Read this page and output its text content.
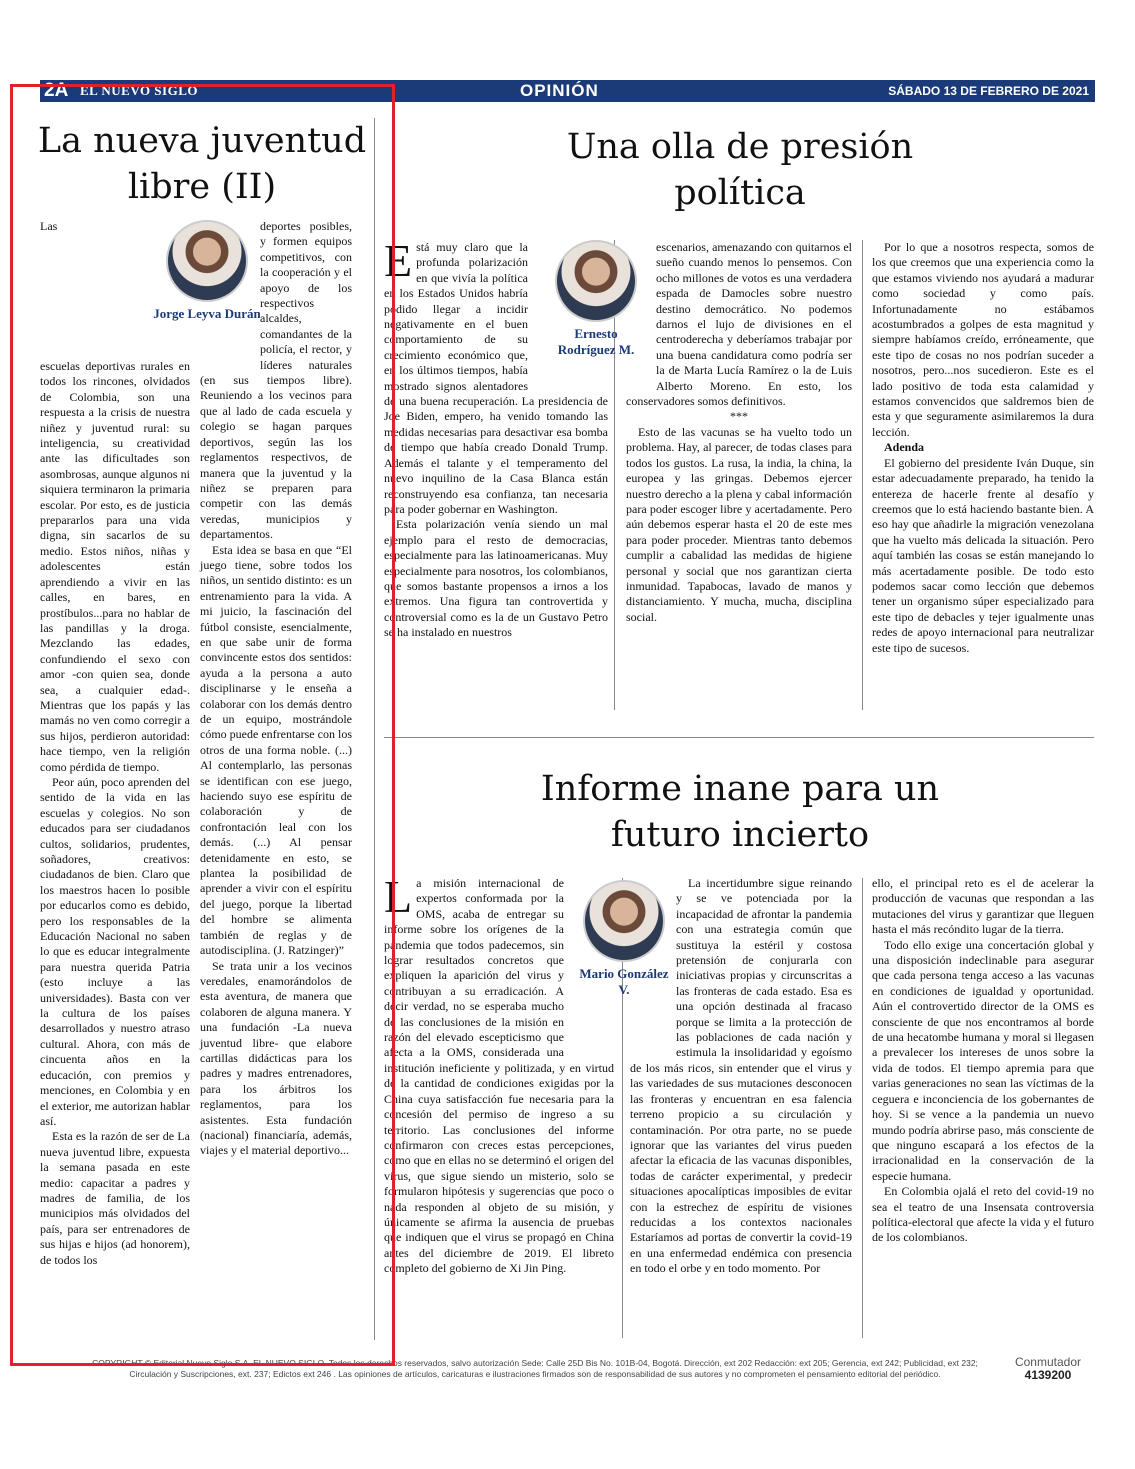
2A EL NUEVO SIGLO	OPINIÓN	SÁBADO 13 DE FEBRERO DE 2021
La nueva juventud libre (II)
Jorge Leyva Durán

Las escuelas deportivas rurales en todos los rincones, olvidados de Colombia, son una respuesta a la crisis de nuestra niñez y juventud rural: su inteligencia, su creatividad ante las dificultades son asombrosas, aunque algunos ni siquiera terminaron la primaria escolar. Por esto, es de justicia prepararlos para una vida digna, sin sacarlos de su medio. Estos niños, niñas y adolescentes están aprendiendo a vivir en las calles, en bares, en prostíbulos...para no hablar de las pandillas y la droga. Mezclando las edades, confundiendo el sexo con amor -con quien sea, donde sea, a cualquier edad-. Mientras que los papás y las mamás no ven como corregir a sus hijos, perdieron autoridad: hace tiempo, ven la religión como pérdida de tiempo.

Peor aún, poco aprenden del sentido de la vida en las escuelas y colegios. No son educados para ser ciudadanos cultos, solidarios, prudentes, soñadores, creativos: ciudadanos de bien. Claro que los maestros hacen lo posible por educarlos como es debido, pero los responsables de la Educación Nacional no saben lo que es educar integralmente para nuestra querida Patria (esto incluye a las universidades). Basta con ver la cultura de los países desarrollados y nuestro atraso cultural. Ahora, con más de cincuenta años en la educación, con premios y menciones, en Colombia y en el exterior, me autorizan hablar así.

Esta es la razón de ser de La nueva juventud libre, expuesta la semana pasada en este medio: capacitar a padres y madres de familia, de los municipios más olvidados del país, para ser entrenadores de sus hijas e hijos (ad honorem), de todos los

deportes posibles, y formen equipos competitivos, con la cooperación y el apoyo de los respectivos alcaldes, comandantes de la policía, el rector, y líderes naturales (en sus tiempos libre). Reuniendo a los vecinos para que al lado de cada escuela y colegio se hagan parques deportivos, según las los reglamentos respectivos, de manera que la juventud y la niñez se preparen para competir con las demás veredas, municipios y departamentos.

Esta idea se basa en que “El juego tiene, sobre todos los niños, un sentido distinto: es un entrenamiento para la vida. A mi juicio, la fascinación del fútbol consiste, esencialmente, en que sabe unir de forma convincente estos dos sentidos: ayuda a la persona a auto disciplinarse y le enseña a colaborar con los demás dentro de un equipo, mostrándole cómo puede enfrentarse con los otros de una forma noble. (...) Al contemplarlo, las personas se identifican con ese juego, haciendo suyo ese espíritu de colaboración y de confrontación leal con los demás. (...) Al pensar detenidamente en esto, se plantea la posibilidad de aprender a vivir con el espíritu del juego, porque la libertad del hombre se alimenta también de reglas y de autodisciplina. (J. Ratzinger)”

Se trata unir a los vecinos veredales, enamorándolos de esta aventura, de manera que colaboren de alguna manera. Y una fundación -La nueva juventud libre- que elabore cartillas didácticas para los padres y madres entrenadores, para los árbitros los reglamentos, para los asistentes. Esta fundación (nacional) financiaría, además, viajes y el material deportivo...

Una olla de presión política
Ernesto Rodríguez M.
E stá muy claro que la profunda polarización en que vivía la política en los Estados Unidos habría podido llegar a incidir negativamente en el buen comportamiento de su crecimiento económico que, en los últimos tiempos, había mostrado signos alentadores de una buena recuperación. La presidencia de Joe Biden, empero, ha venido tomando las medidas necesarias para desactivar esa bomba de tiempo que había creado Donald Trump. Además el talante y el temperamento del nuevo inquilino de la Casa Blanca están reconstruyendo esa confianza, tan necesaria para poder gobernar en Washington.

Esta polarización venía siendo un mal ejemplo para el resto de democracias, especialmente para las latinoamericanas. Muy especialmente para nosotros, los colombianos, que somos bastante propensos a irnos a los extremos. Una figura tan controvertida y controversial como es la de un Gustavo Petro se ha instalado en nuestros

escenarios, amenazando con quitarnos el sueño cuando menos lo pensemos. Con ocho millones de votos es una verdadera espada de Damocles sobre nuestro destino democrático. No podemos darnos el lujo de divisiones en el centroderecha y deberíamos trabajar por una buena candidatura como podría ser la de Marta Lucía Ramírez o la de Luis Alberto Moreno. En esto, los conservadores somos definitivos.

***

Esto de las vacunas se ha vuelto todo un problema. Hay, al parecer, de todas clases para todos los gustos. La rusa, la india, la china, la europea y las gringas. Debemos ejercer nuestro derecho a la plena y cabal información para poder escoger libre y acertadamente. Pero aún debemos esperar hasta el 20 de este mes para poder proceder. Mientras tanto debemos cumplir a cabalidad las medidas de higiene personal y social que nos garantizan cierta inmunidad. Tapabocas, lavado de manos y distanciamiento. Y mucha, mucha, disciplina social.

Por lo que a nosotros respecta, somos de los que creemos que una experiencia como la que estamos viviendo nos ayudará a madurar como sociedad y como país. Infortunadamente no estábamos acostumbrados a golpes de esta magnitud y siempre habíamos creído, erróneamente, que este tipo de cosas no nos podrían suceder a nosotros, pero...nos sucedieron. Este es el lado positivo de toda esta calamidad y estamos convencidos que saldremos bien de esta y que seguramente asimilaremos la dura lección.

Adenda

El gobierno del presidente Iván Duque, sin estar adecuadamente preparado, ha tenido la entereza de hacerle frente al desafío y creemos que lo está haciendo bastante bien. A eso hay que añadirle la migración venezolana que ha vuelto más delicada la situación. Pero aquí también las cosas se están manejando lo más acertadamente posible. De todo esto podemos sacar como lección que debemos tener un organismo súper especializado para este tipo de debacles y tejer igualmente unas redes de apoyo internacional para neutralizar este tipo de sucesos.

Informe inane para un futuro incierto
Mario González V.
L a misión internacional de expertos conformada por la OMS, acaba de entregar su informe sobre los orígenes de la pandemia que todos padecemos, sin lograr resultados concretos que expliquen la aparición del virus y contribuyan a su erradicación. A decir verdad, no se esperaba mucho de las conclusiones de la misión en razón del elevado escepticismo que afecta a la OMS, considerada una institución ineficiente y politizada, y en virtud de la cantidad de condiciones exigidas por la China cuya satisfacción fue necesaria para la concesión del permiso de ingreso a su territorio. Las conclusiones del informe confirmaron con creces estas percepciones, como que en ellas no se determinó el origen del virus, que sigue siendo un misterio, solo se formularon hipótesis y sugerencias que poco o nada responden al objeto de su misión, y únicamente se afirma la ausencia de pruebas que indiquen que el virus se propagó en China antes del diciembre de 2019. El libreto completo del gobierno de Xi Jin Ping.

La incertidumbre sigue reinando y se ve potenciada por la incapacidad de afrontar la pandemia con una estrategia común que sustituya la estéril y costosa pretensión de conjurarla con iniciativas propias y circunscritas a las fronteras de cada estado. Esa es una opción destinada al fracaso porque se limita a la protección de las poblaciones de cada nación y estimula la insolidaridad y egoísmo de los más ricos, sin entender que el virus y las variedades de sus mutaciones desconocen las fronteras y encuentran en esa falencia terreno propicio a su circulación y contaminación. Por otra parte, no se puede ignorar que las variantes del virus pueden afectar la eficacia de las vacunas disponibles, todas de carácter experimental, y predecir situaciones apocalípticas imposibles de evitar con la estrechez de espíritu de visiones reducidas a los contextos nacionales Estaríamos ad portas de convertir la covid-19 en una enfermedad endémica con presencia en todo el orbe y en todo momento. Por

ello, el principal reto es el de acelerar la producción de vacunas que respondan a las mutaciones del virus y garantizar que lleguen hasta el más recóndito lugar de la tierra.

Todo ello exige una concertación global y una disposición indeclinable para asegurar que cada persona tenga acceso a las vacunas en condiciones de igualdad y oportunidad. Aún el controvertido director de la OMS es consciente de que nos encontramos al borde de una hecatombe humana y moral si llegasen a prevalecer los intereses de unos sobre la vida de todos. El tiempo apremia para que varias generaciones no sean las víctimas de la ceguera e inconciencia de los gobernantes de hoy. Si se vence a la pandemia un nuevo mundo podría abrirse paso, más consciente de que ninguno escapará a los efectos de la irracionalidad en la conservación de la especie humana.

En Colombia ojalá el reto del covid-19 no sea el teatro de una Insensata controversia política-electoral que afecte la vida y el futuro de los colombianos.

COPYRIGHT © Editorial Nuevo Siglo S.A. EL NUEVO SIGLO. Todos los derechos reservados, salvo autorización Sede: Calle 25D Bis No. 101B-04, Bogotá. Dirección, ext 202 Redacción: ext 205; Gerencia, ext 242; Publicidad, ext 232;
Circulación y Suscripciones, ext. 237; Edictos ext 246 . Las opiniones de artículos, caricaturas e ilustraciones firmados son de responsabilidad de sus autores y no comprometen el pensamiento editorial del periódico.
Conmutador
4139200
